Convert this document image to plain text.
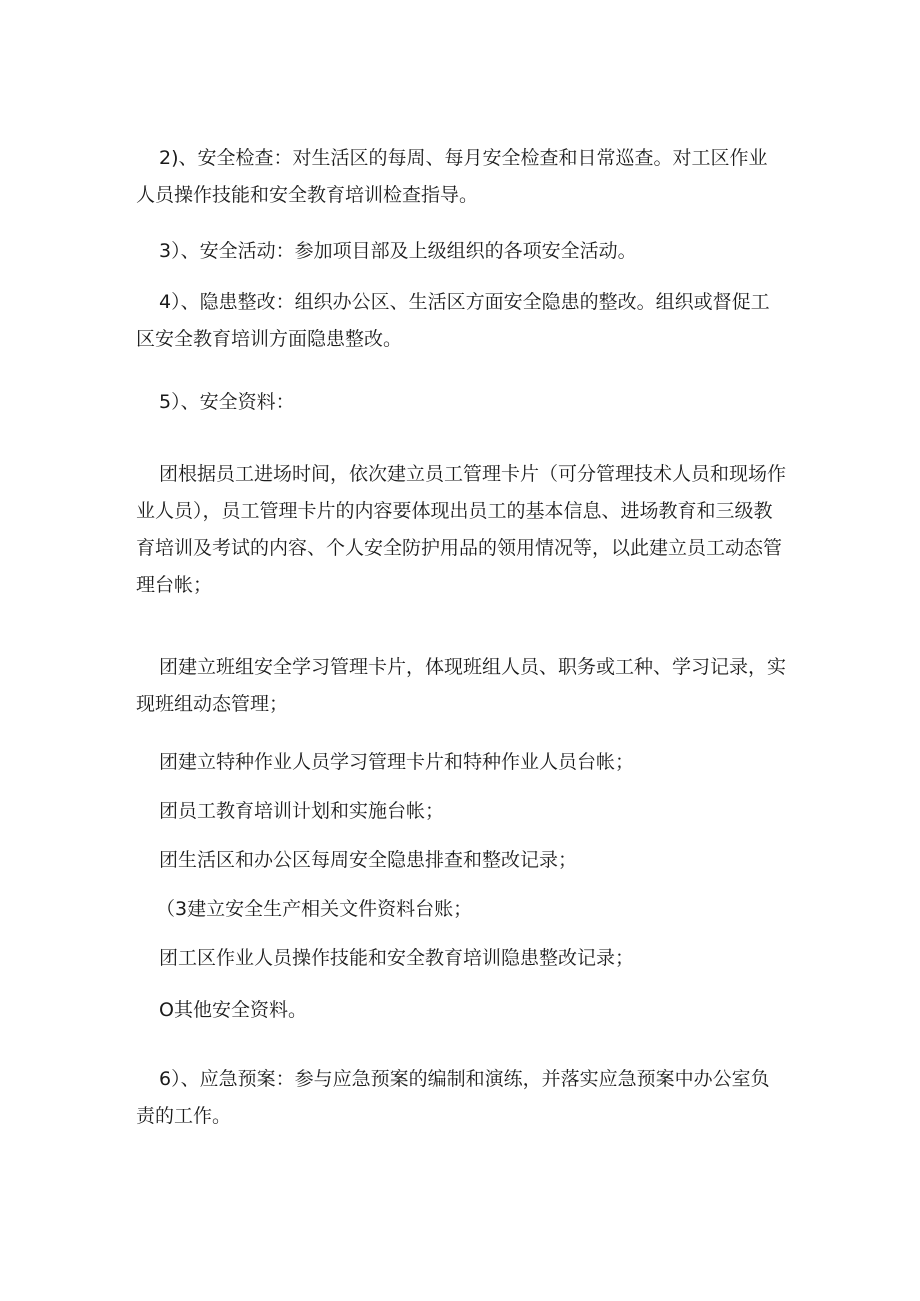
2)、安全检查：对生活区的每周、每月安全检查和日常巡查。对工区作业人员操作技能和安全教育培训检查指导。

3）、安全活动：参加项目部及上级组织的各项安全活动。

4）、隐患整改：组织办公区、生活区方面安全隐患的整改。组织或督促工区安全教育培训方面隐患整改。

5）、安全资料：

团根据员工进场时间，依次建立员工管理卡片（可分管理技术人员和现场作业人员），员工管理卡片的内容要体现出员工的基本信息、进场教育和三级教育培训及考试的内容、个人安全防护用品的领用情况等，以此建立员工动态管理台帐；

团建立班组安全学习管理卡片，体现班组人员、职务或工种、学习记录，实现班组动态管理；

团建立特种作业人员学习管理卡片和特种作业人员台帐；

团员工教育培训计划和实施台帐；

团生活区和办公区每周安全隐患排查和整改记录；

（3建立安全生产相关文件资料台账；

团工区作业人员操作技能和安全教育培训隐患整改记录；

O其他安全资料。

6）、应急预案：参与应急预案的编制和演练，并落实应急预案中办公室负责的工作。
